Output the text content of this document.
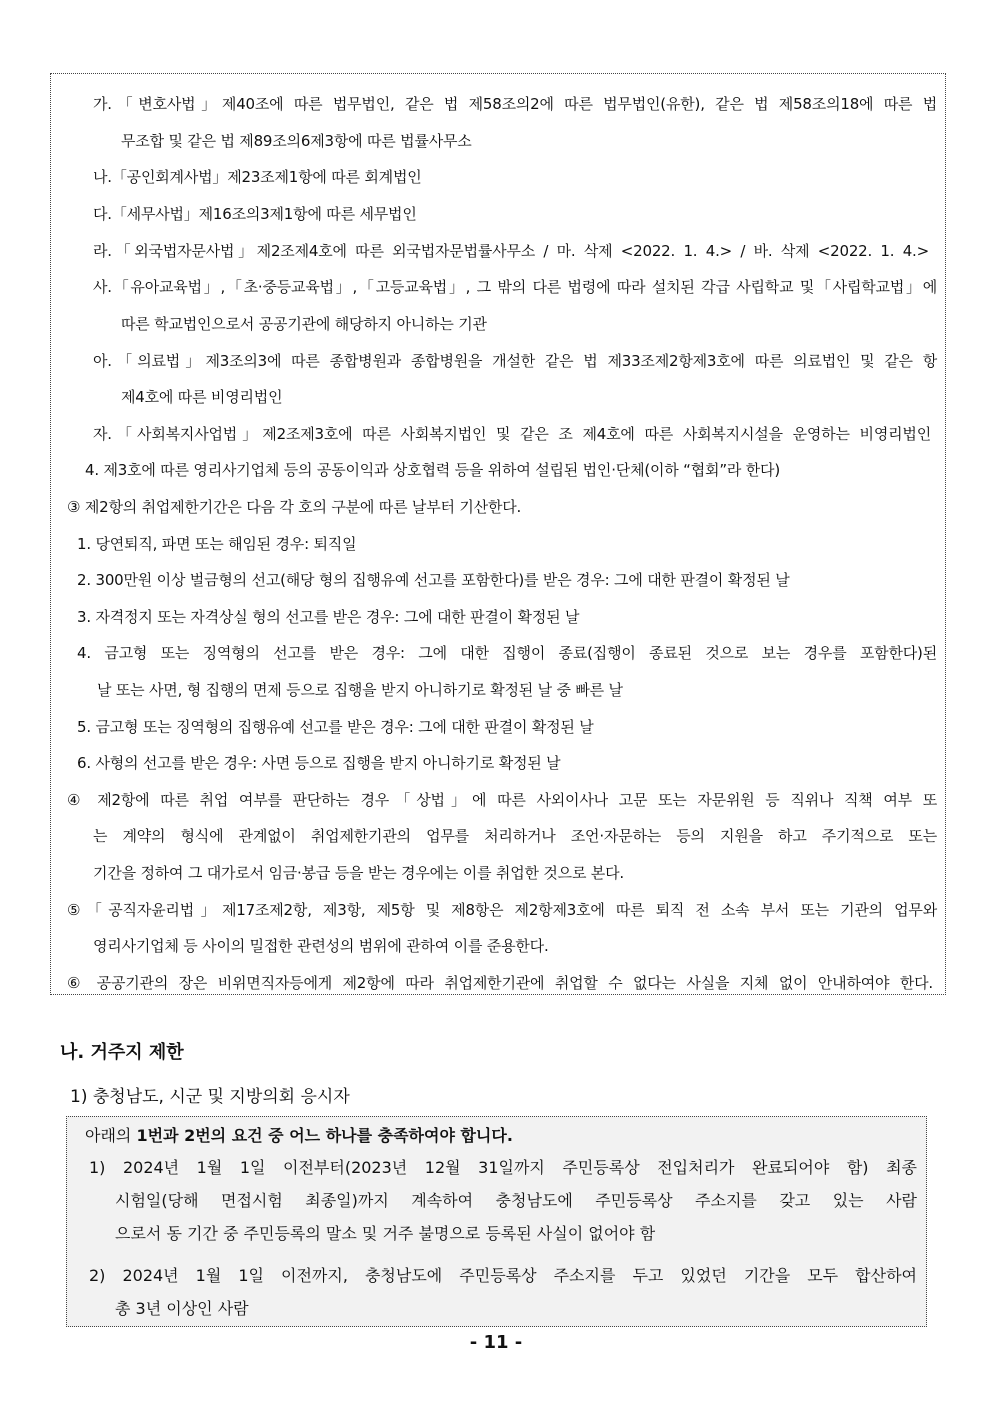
가.「변호사법」제40조에 따른 법무법인, 같은 법 제58조의2에 따른 법무법인(유한), 같은 법 제58조의18에 따른 법
무조합 및 같은 법 제89조의6제3항에 따른 법률사무소
나.「공인회계사법」제23조제1항에 따른 회계법인
다.「세무사법」제16조의3제1항에 따른 세무법인
라.「외국법자문사법」제2조제4호에 따른 외국법자문법률사무소 / 마. 삭제 <2022. 1. 4.> / 바. 삭제 <2022. 1. 4.>
사.「유아교육법」,「초·중등교육법」,「고등교육법」, 그 밖의 다른 법령에 따라 설치된 각급 사립학교 및「사립학교법」에
따른 학교법인으로서 공공기관에 해당하지 아니하는 기관
아.「의료법」제3조의3에 따른 종합병원과 종합병원을 개설한 같은 법 제33조제2항제3호에 따른 의료법인 및 같은 항
제4호에 따른 비영리법인
자.「사회복지사업법」제2조제3호에 따른 사회복지법인 및 같은 조 제4호에 따른 사회복지시설을 운영하는 비영리법인
4. 제3호에 따른 영리사기업체 등의 공동이익과 상호협력 등을 위하여 설립된 법인·단체(이하 “협회”라 한다)
③ 제2항의 취업제한기간은 다음 각 호의 구분에 따른 날부터 기산한다.
1. 당연퇴직, 파면 또는 해임된 경우: 퇴직일
2. 300만원 이상 벌금형의 선고(해당 형의 집행유예 선고를 포함한다)를 받은 경우: 그에 대한 판결이 확정된 날
3. 자격정지 또는 자격상실 형의 선고를 받은 경우: 그에 대한 판결이 확정된 날
4. 금고형 또는 징역형의 선고를 받은 경우: 그에 대한 집행이 종료(집행이 종료된 것으로 보는 경우를 포함한다)된
날 또는 사면, 형 집행의 면제 등으로 집행을 받지 아니하기로 확정된 날 중 빠른 날
5. 금고형 또는 징역형의 집행유예 선고를 받은 경우: 그에 대한 판결이 확정된 날
6. 사형의 선고를 받은 경우: 사면 등으로 집행을 받지 아니하기로 확정된 날
④ 제2항에 따른 취업 여부를 판단하는 경우「상법」에 따른 사외이사나 고문 또는 자문위원 등 직위나 직책 여부 또
는 계약의 형식에 관계없이 취업제한기관의 업무를 처리하거나 조언·자문하는 등의 지원을 하고 주기적으로 또는
기간을 정하여 그 대가로서 임금·봉급 등을 받는 경우에는 이를 취업한 것으로 본다.
⑤「공직자윤리법」제17조제2항, 제3항, 제5항 및 제8항은 제2항제3호에 따른 퇴직 전 소속 부서 또는 기관의 업무와
영리사기업체 등 사이의 밀접한 관련성의 범위에 관하여 이를 준용한다.
⑥ 공공기관의 장은 비위면직자등에게 제2항에 따라 취업제한기관에 취업할 수 없다는 사실을 지체 없이 안내하여야 한다.
나. 거주지 제한
1) 충청남도, 시군 및 지방의회 응시자
아래의 1번과 2번의 요건 중 어느 하나를 충족하여야 합니다.
1) 2024년 1월 1일 이전부터(2023년 12월 31일까지 주민등록상 전입처리가 완료되어야 함) 최종
시험일(당해 면접시험 최종일)까지 계속하여 충청남도에 주민등록상 주소지를 갖고 있는 사람
으로서 동 기간 중 주민등록의 말소 및 거주 불명으로 등록된 사실이 없어야 함
2) 2024년 1월 1일 이전까지, 충청남도에 주민등록상 주소지를 두고 있었던 기간을 모두 합산하여
총 3년 이상인 사람
- 11 -
